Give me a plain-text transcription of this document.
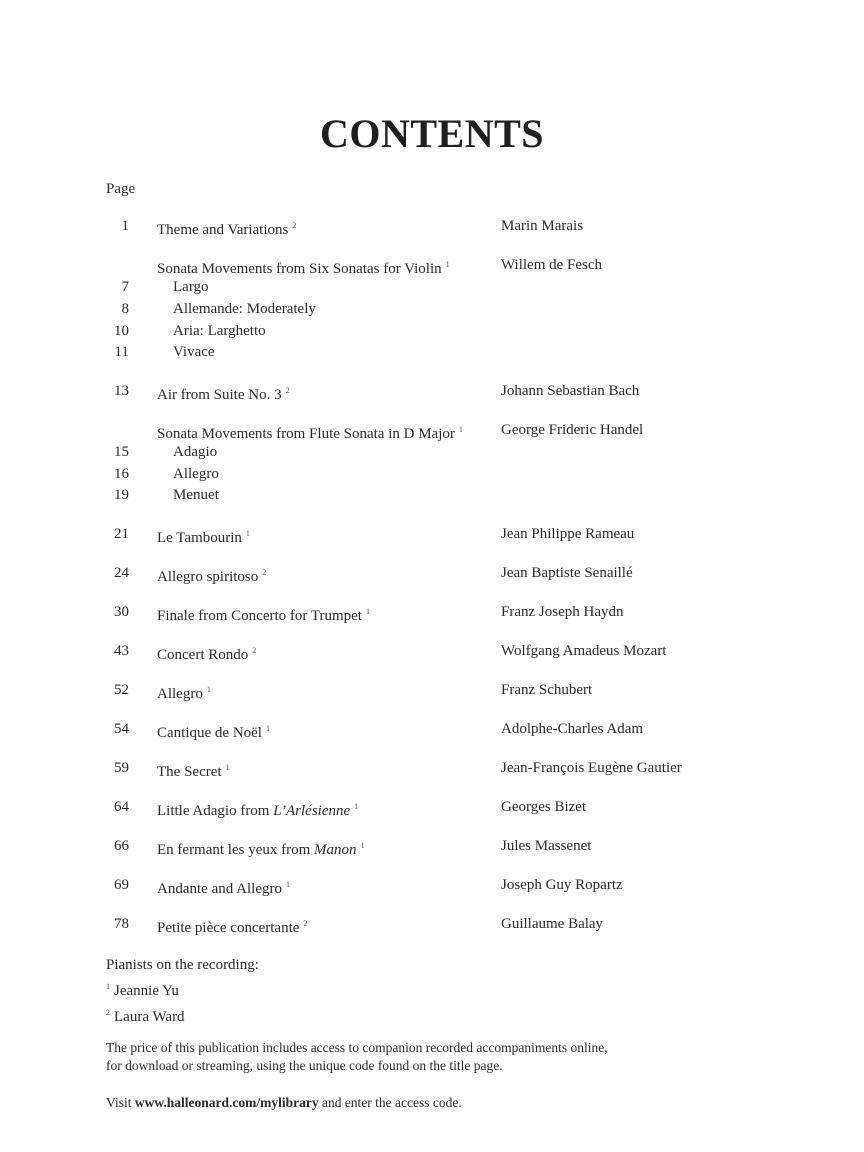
CONTENTS
Page
1 Theme and Variations $^2$	Marin Marais
Sonata Movements from Six Sonatas for Violin $^1$	Willem de Fesch
7	Largo
8	Allemande: Moderately
10	Aria: Larghetto
11	Vivace
13 Air from Suite No. 3 $^2$	Johann Sebastian Bach
Sonata Movements from Flute Sonata in D Major $^1$	George Frideric Handel
15	Adagio
16	Allegro
19	Menuet
21 Le Tambourin $^1$	Jean Philippe Rameau
24 Allegro spiritoso $^2$	Jean Baptiste Senaillé
30 Finale from Concerto for Trumpet $^1$	Franz Joseph Haydn
43 Concert Rondo $^2$	Wolfgang Amadeus Mozart
52 Allegro $^1$	Franz Schubert
54 Cantique de Noël $^1$	Adolphe-Charles Adam
59 The Secret $^1$	Jean-François Eugène Gautier
64 Little Adagio from L’Arlésienne $^1$	Georges Bizet
66 En fermant les yeux from Manon $^1$	Jules Massenet
69 Andante and Allegro $^1$	Joseph Guy Ropartz
78 Petite pièce concertante $^2$	Guillaume Balay
Pianists on the recording:
$^1$ Jeannie Yu
$^2$ Laura Ward
The price of this publication includes access to companion recorded accompaniments online,
for download or streaming, using the unique code found on the title page.
Visit www.halleonard.com/mylibrary and enter the access code.
